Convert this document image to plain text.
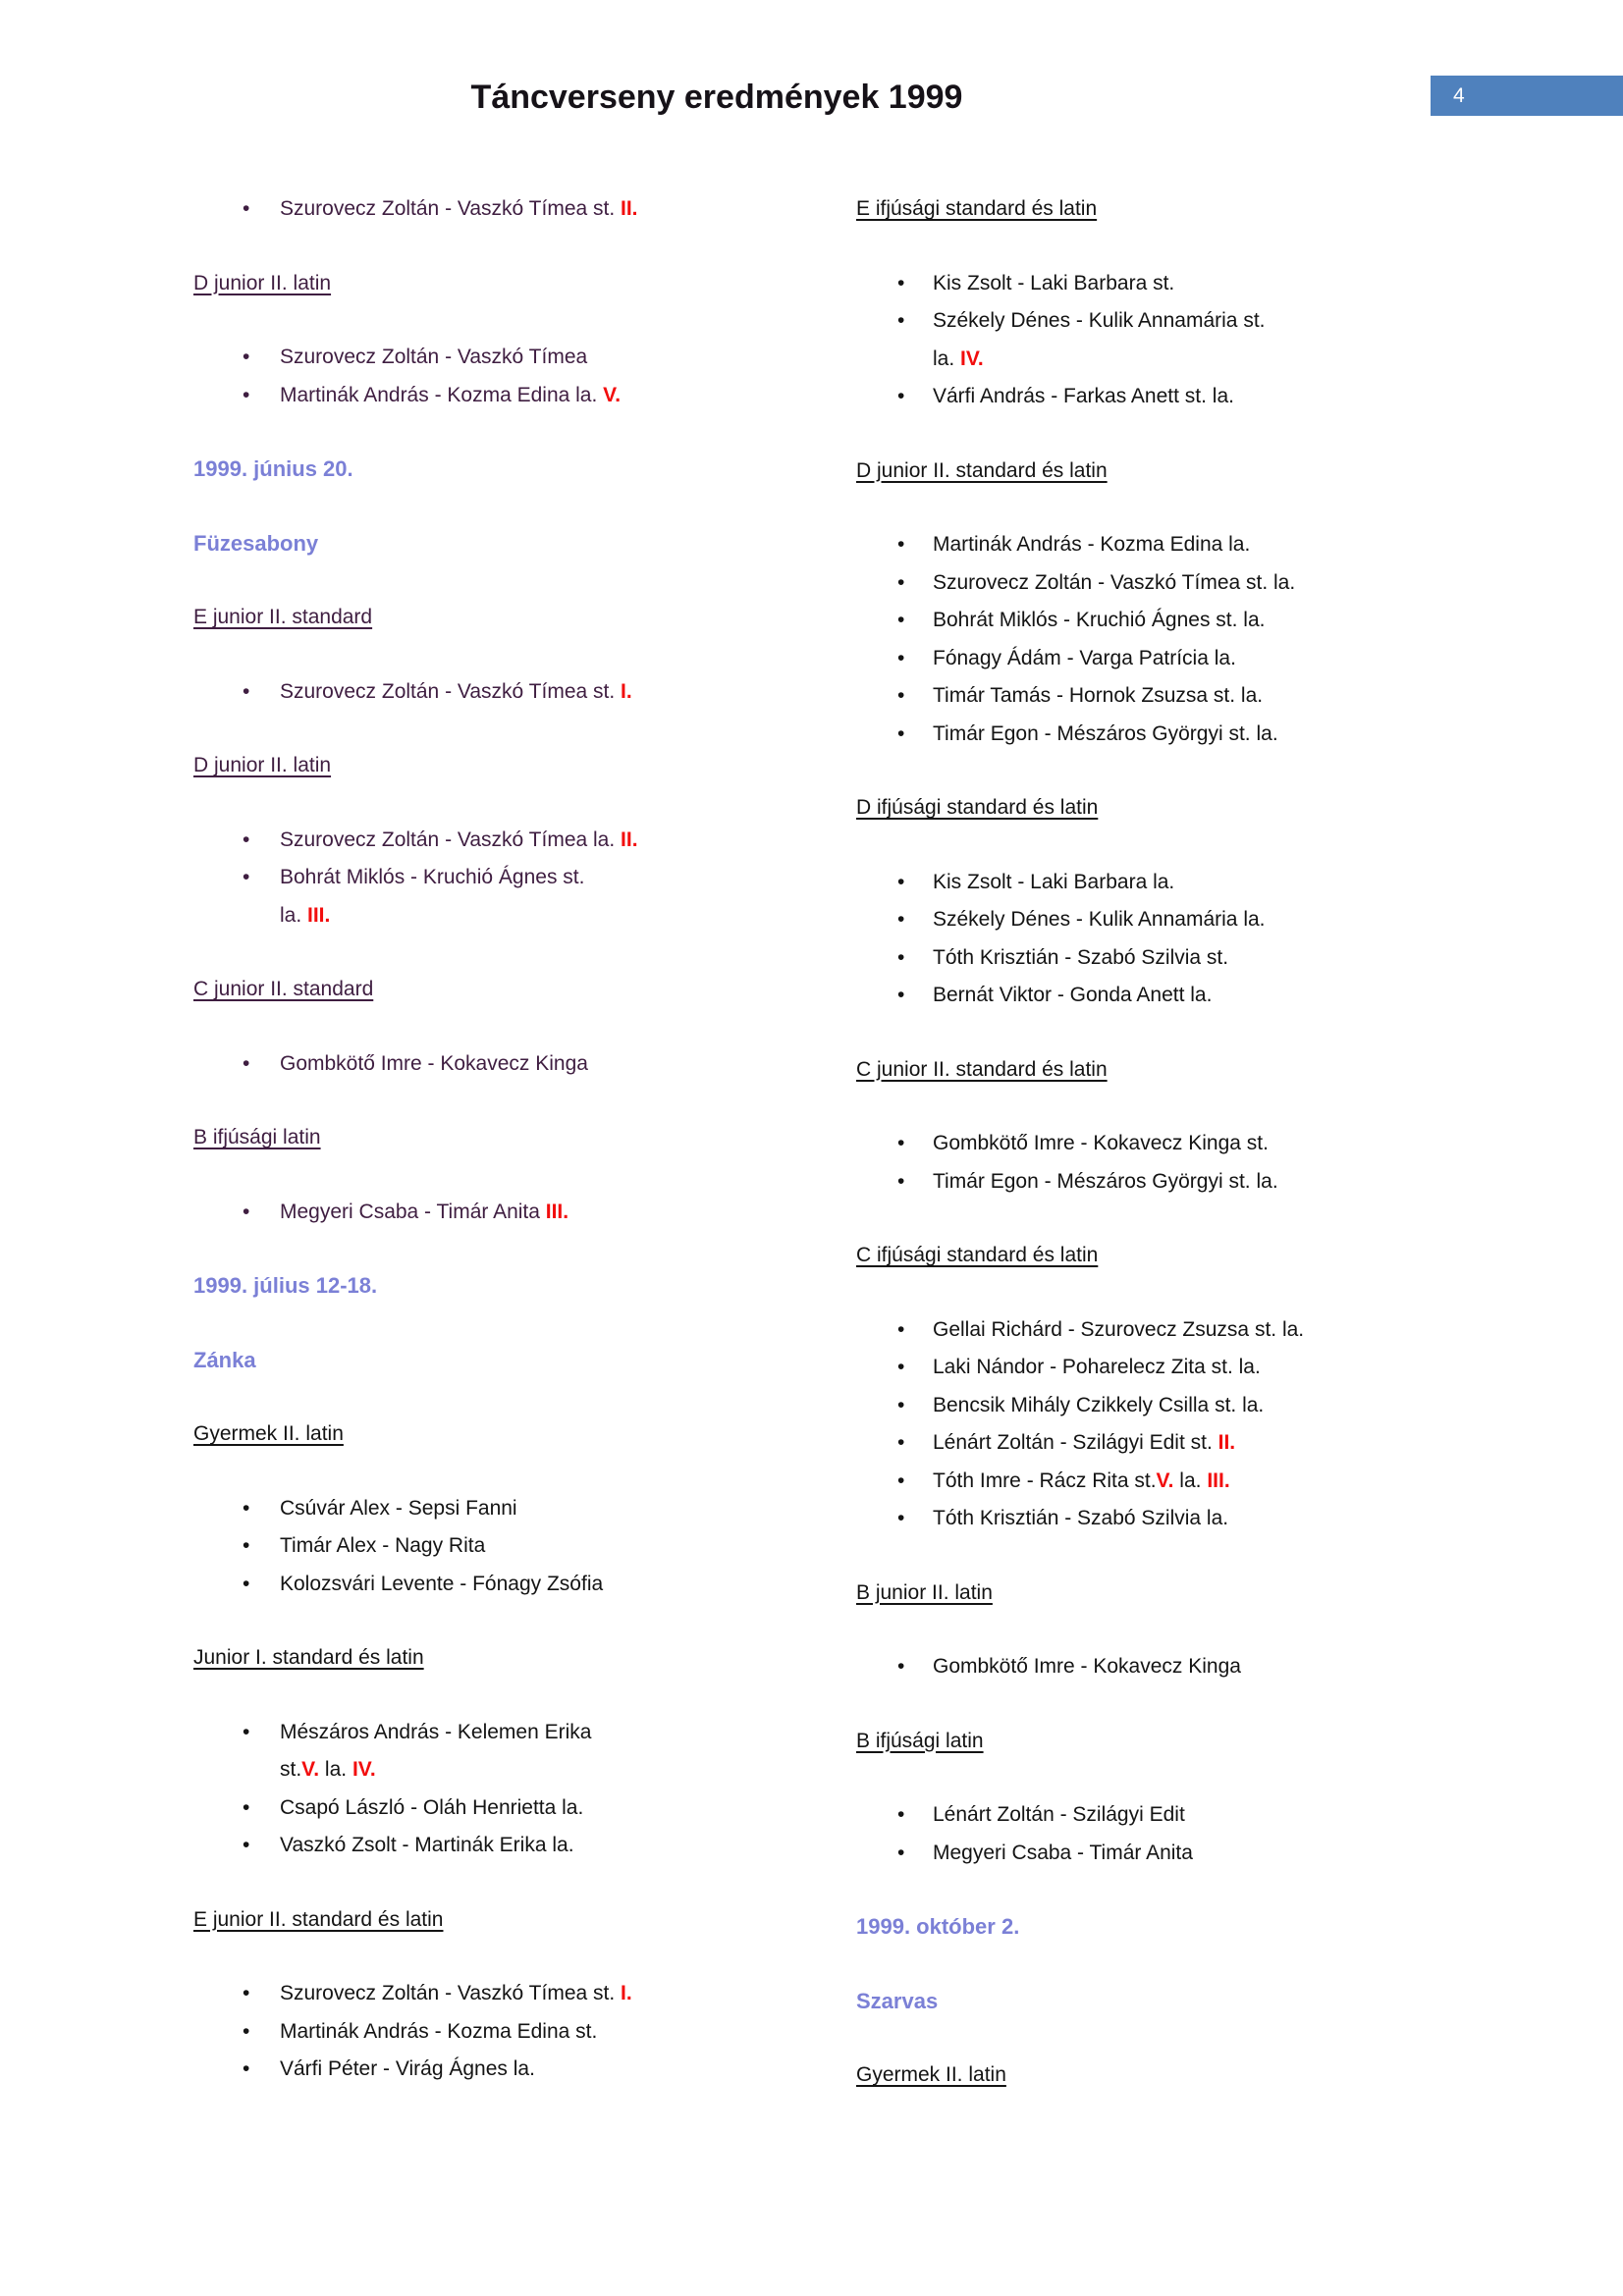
Táncverseny eredmények 1999	4
• Szurovecz Zoltán - Vaszkó Tímea st. II.
D junior II. latin
• Szurovecz Zoltán - Vaszkó Tímea
• Martinák András - Kozma Edina la. V.
1999. június 20.
Füzesabony
E junior II. standard
• Szurovecz Zoltán - Vaszkó Tímea st. I.
D junior II. latin
• Szurovecz Zoltán - Vaszkó Tímea la. II.
• Bohrát Miklós - Kruchió Ágnes st.
la. III.
C junior II. standard
• Gombkötő Imre - Kokavecz Kinga
B ifjúsági latin
• Megyeri Csaba - Timár Anita III.
1999. július 12-18.
Zánka
Gyermek II. latin
• Csúvár Alex - Sepsi Fanni
• Timár Alex - Nagy Rita
• Kolozsvári Levente - Fónagy Zsófia
Junior I. standard és latin
• Mészáros András - Kelemen Erika
st.V. la. IV.
• Csapó László - Oláh Henrietta la.
• Vaszkó Zsolt - Martinák Erika la.
E junior II. standard és latin
• Szurovecz Zoltán - Vaszkó Tímea st. I.
• Martinák András - Kozma Edina st.
• Várfi Péter - Virág Ágnes la.
E ifjúsági standard és latin
• Kis Zsolt - Laki Barbara st.
• Székely Dénes - Kulik Annamária st.
la. IV.
• Várfi András - Farkas Anett st. la.
D junior II. standard és latin
• Martinák András - Kozma Edina la.
• Szurovecz Zoltán - Vaszkó Tímea st. la.
• Bohrát Miklós - Kruchió Ágnes st. la.
• Fónagy Ádám - Varga Patrícia la.
• Timár Tamás - Hornok Zsuzsa st. la.
• Timár Egon - Mészáros Györgyi st. la.
D ifjúsági standard és latin
• Kis Zsolt - Laki Barbara la.
• Székely Dénes - Kulik Annamária la.
• Tóth Krisztián - Szabó Szilvia st.
• Bernát Viktor - Gonda Anett la.
C junior II. standard és latin
• Gombkötő Imre - Kokavecz Kinga st.
• Timár Egon - Mészáros Györgyi st. la.
C ifjúsági standard és latin
• Gellai Richárd - Szurovecz Zsuzsa st. la.
• Laki Nándor - Poharelecz Zita st. la.
• Bencsik Mihály Czikkely Csilla st. la.
• Lénárt Zoltán - Szilágyi Edit st. II.
• Tóth Imre - Rácz Rita st.V. la. III.
• Tóth Krisztián - Szabó Szilvia la.
B junior II. latin
• Gombkötő Imre - Kokavecz Kinga
B ifjúsági latin
• Lénárt Zoltán - Szilágyi Edit
• Megyeri Csaba - Timár Anita
1999. október 2.
Szarvas
Gyermek II. latin
